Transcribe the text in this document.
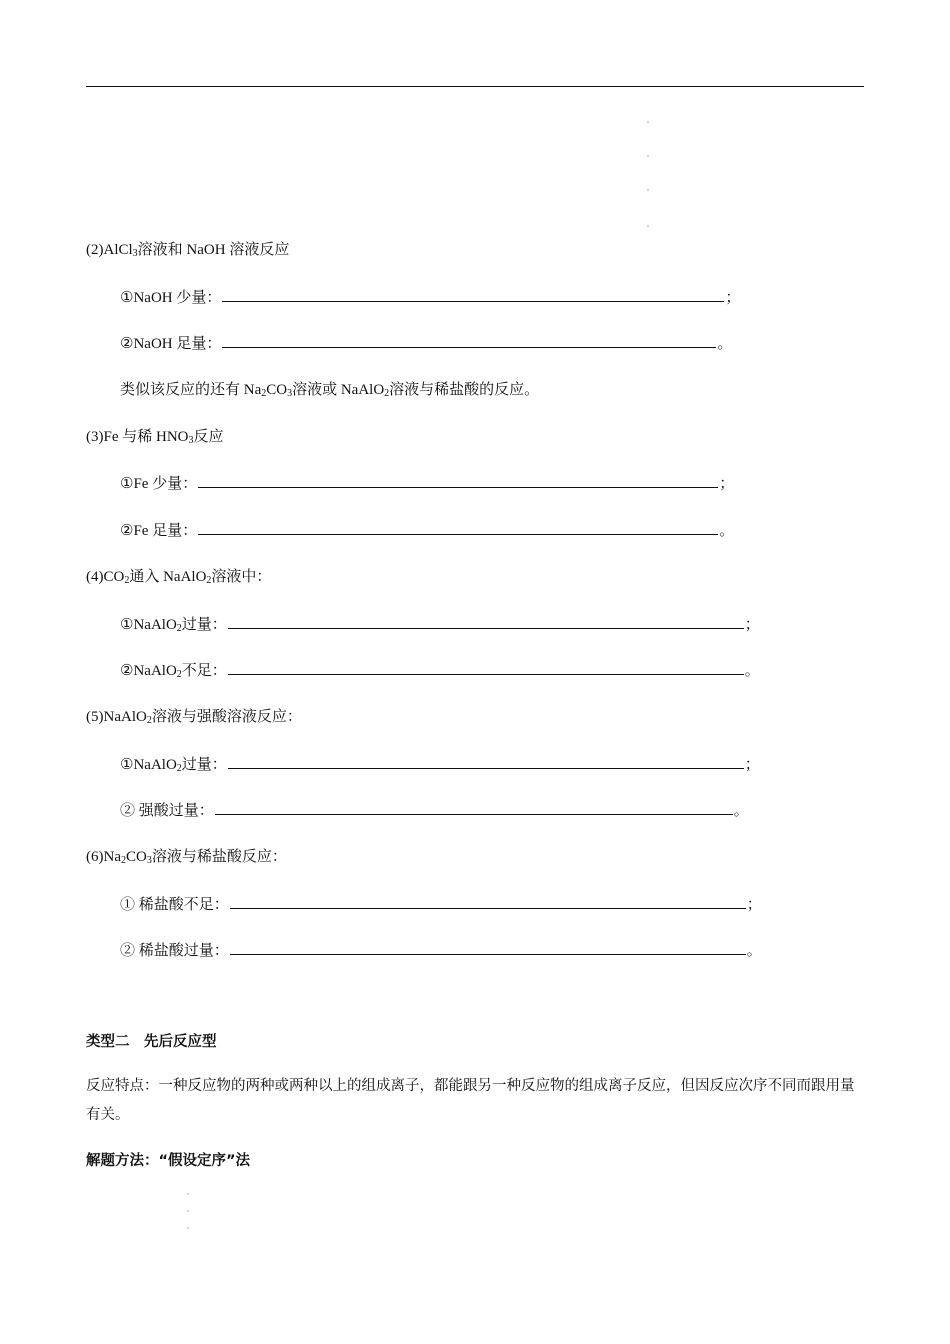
(2)AlCl$_3$溶液和 NaOH 溶液反应
①NaOH 少量：	；
②NaOH 足量：	。
类似该反应的还有 $Na_2CO_3$溶液或 NaAlO$_2$溶液与稀盐酸的反应。
(3)Fe 与稀 $HNO_3$反应
①Fe 少量：	；
②Fe 足量：	。
$(4)CO_2$通入 NaAlO$_2$溶液中：
①NaAlO$_2$过量：	；
②NaAlO$_2$不足：	。
(5)NaAlO$_2$溶液与强酸溶液反应：
①NaAlO$_2$过量：	；
② 强酸过量：	。
$(6)Na_2CO_3$溶液与稀盐酸反应：
① 稀盐酸不足：	；
② 稀盐酸过量：	。
类型二　先后反应型
反应特点：一种反应物的两种或两种以上的组成离子，都能跟另一种反应物的组成离子反应，但因反应次序不同而跟用量有关。
解题方法：“假设定序”法
